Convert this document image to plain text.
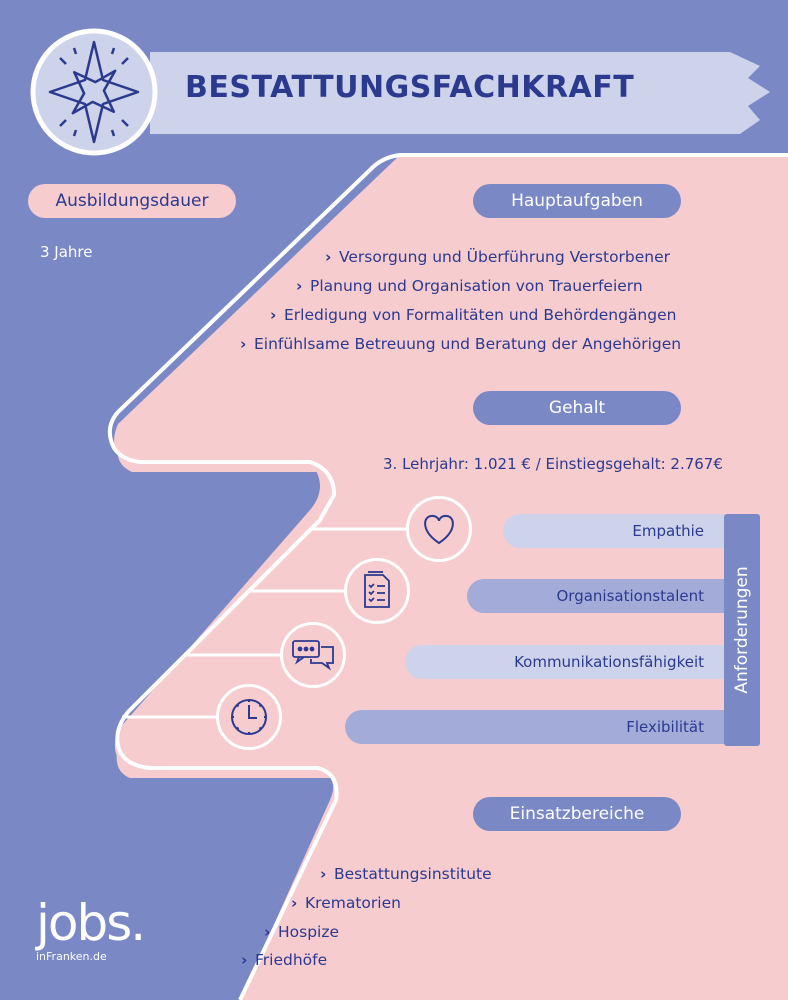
BESTATTUNGSFACHKRAFT
Ausbildungsdauer
3 Jahre
Hauptaufgaben
› Versorgung und Überführung Verstorbener
› Planung und Organisation von Trauerfeiern
› Erledigung von Formalitäten und Behördengängen
› Einfühlsame Betreuung und Beratung der Angehörigen
Gehalt
3. Lehrjahr: 1.021 € / Einstiegsgehalt: 2.767€
Empathie
Organisationstalent
Kommunikationsfähigkeit
Flexibilität
Anforderungen
Einsatzbereiche
› Bestattungsinstitute
› Krematorien
› Hospize
› Friedhöfe
jobs.
inFranken.de
